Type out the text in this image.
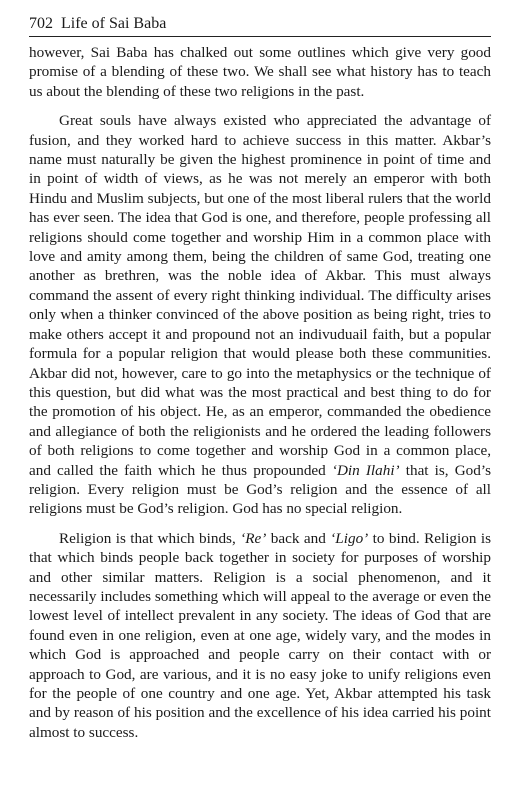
702 Life of Sai Baba

however, Sai Baba has chalked out some outlines which give very good promise of a blending of these two. We shall see what history has to teach us about the blending of these two religions in the past.

Great souls have always existed who appreciated the advantage of fusion, and they worked hard to achieve success in this matter. Akbar’s name must naturally be given the highest prominence in point of time and in point of width of views, as he was not merely an emperor with both Hindu and Muslim subjects, but one of the most liberal rulers that the world has ever seen. The idea that God is one, and therefore, people professing all religions should come together and worship Him in a common place with love and amity among them, being the children of same God, treating one another as brethren, was the noble idea of Akbar. This must always command the assent of every right thinking individual. The difficulty arises only when a thinker convinced of the above position as being right, tries to make others accept it and propound not an indivuduail faith, but a popular formula for a popular religion that would please both these communities. Akbar did not, however, care to go into the metaphysics or the technique of this question, but did what was the most practical and best thing to do for the promotion of his object. He, as an emperor, commanded the obedience and allegiance of both the religionists and he ordered the leading followers of both religions to come together and worship God in a common place, and called the faith which he thus propounded ‘Din Ilahi’ that is, God’s religion. Every religion must be God’s religion and the essence of all religions must be God’s religion. God has no special religion.

Religion is that which binds, ‘Re’ back and ‘Ligo’ to bind. Religion is that which binds people back together in society for purposes of worship and other similar matters. Religion is a social phenomenon, and it necessarily includes something which will appeal to the average or even the lowest level of intellect prevalent in any society. The ideas of God that are found even in one religion, even at one age, widely vary, and the modes in which God is approached and people carry on their contact with or approach to God, are various, and it is no easy joke to unify religions even for the people of one country and one age. Yet, Akbar attempted his task and by reason of his position and the excellence of his idea carried his point almost to success.
